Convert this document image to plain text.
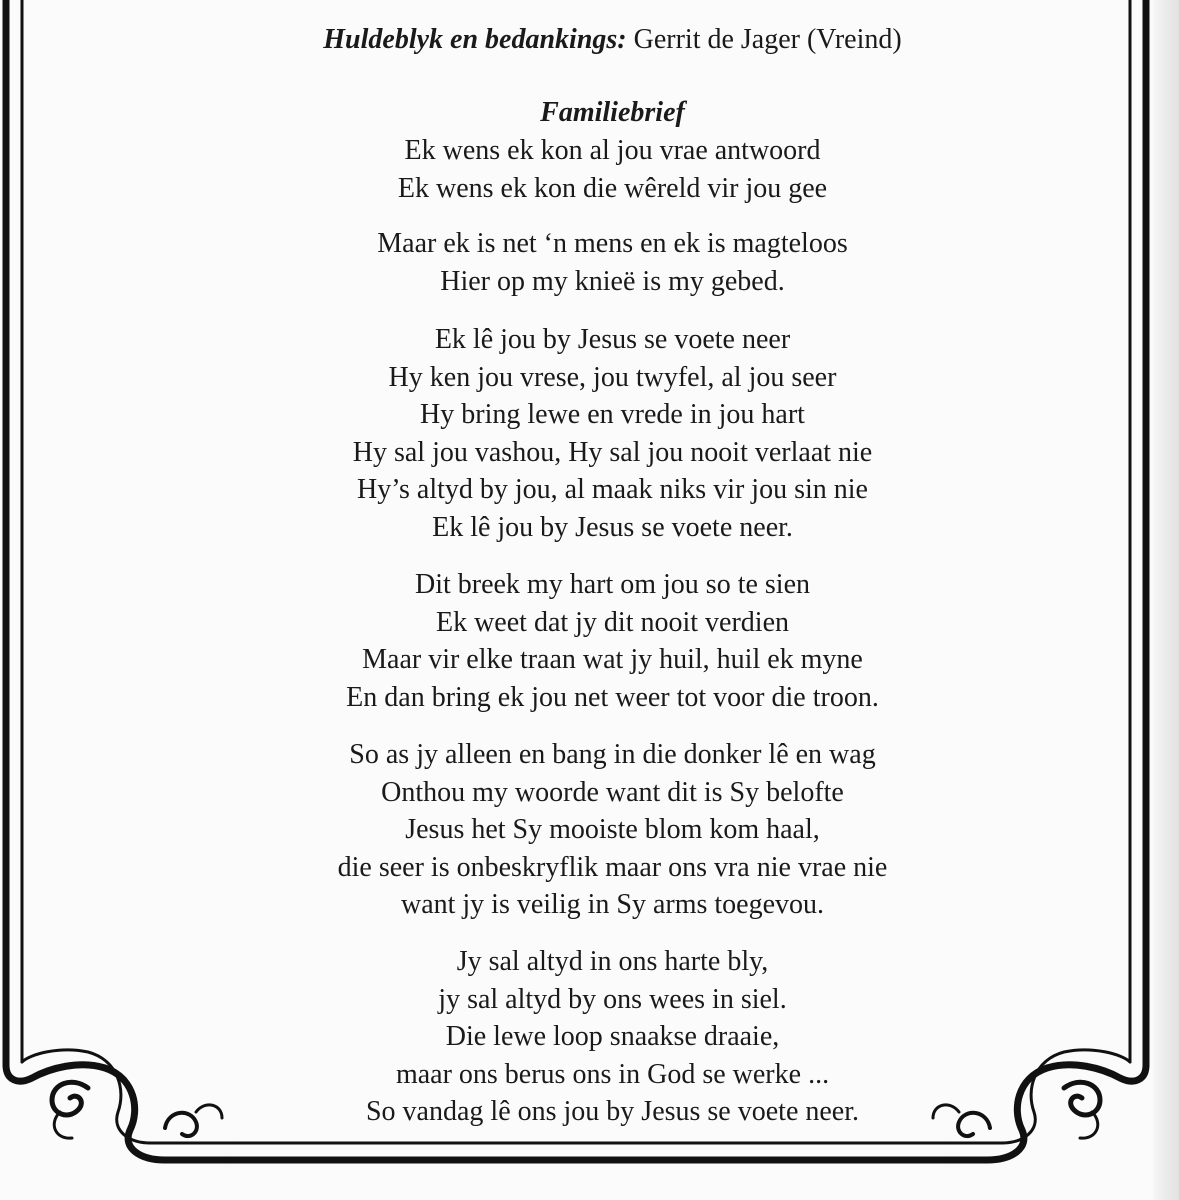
Huldeblyk en bedankings: Gerrit de Jager (Vreind)

Familiebrief

Ek wens ek kon al jou vrae antwoord
Ek wens ek kon die wêreld vir jou gee
Maar ek is net ‘n mens en ek is magteloos
Hier op my knieë is my gebed.
Ek lê jou by Jesus se voete neer
Hy ken jou vrese, jou twyfel, al jou seer
Hy bring lewe en vrede in jou hart
Hy sal jou vashou, Hy sal jou nooit verlaat nie
Hy’s altyd by jou, al maak niks vir jou sin nie
Ek lê jou by Jesus se voete neer.
Dit breek my hart om jou so te sien
Ek weet dat jy dit nooit verdien
Maar vir elke traan wat jy huil, huil ek myne
En dan bring ek jou net weer tot voor die troon.
So as jy alleen en bang in die donker lê en wag
Onthou my woorde want dit is Sy belofte
Jesus het Sy mooiste blom kom haal,
die seer is onbeskryflik maar ons vra nie vrae nie
want jy is veilig in Sy arms toegevou.
Jy sal altyd in ons harte bly,
jy sal altyd by ons wees in siel.
Die lewe loop snaakse draaie,
maar ons berus ons in God se werke ...
So vandag lê ons jou by Jesus se voete neer.
